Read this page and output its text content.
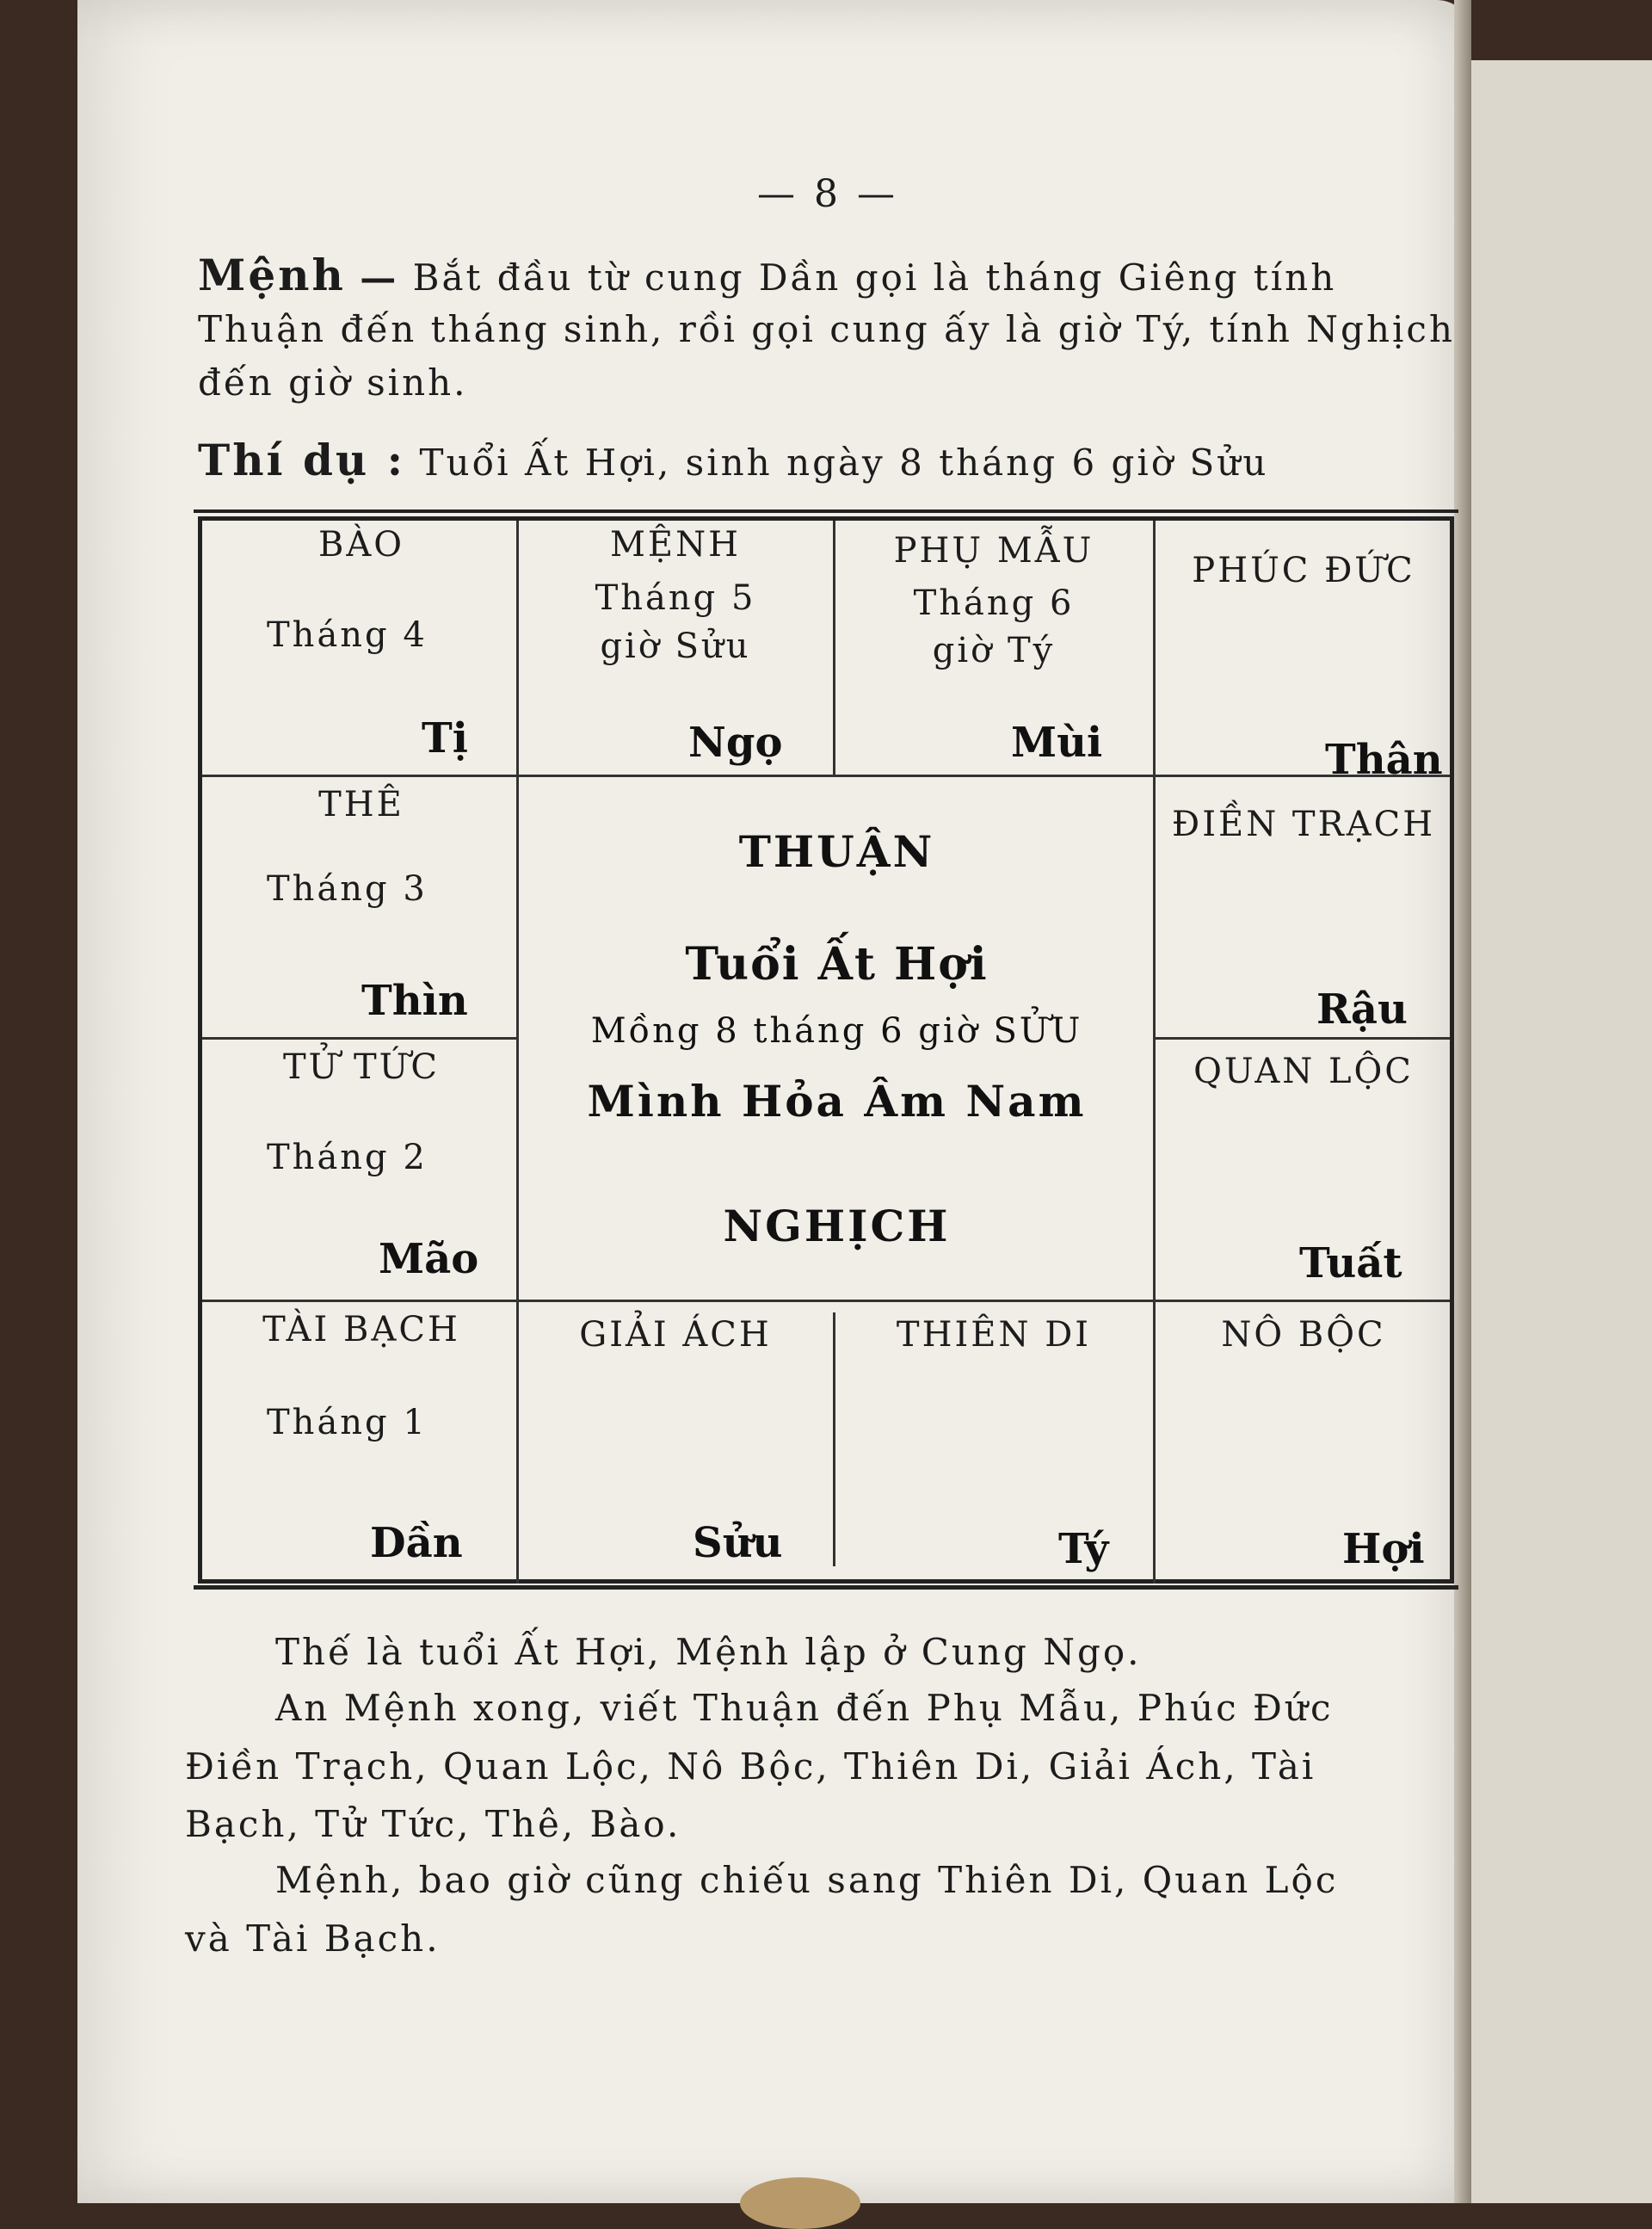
— 8 —
Mệnh — Bắt đầu từ cung Dần gọi là tháng Giêng tính
Thuận đến tháng sinh, rồi gọi cung ấy là giờ Tý, tính Nghịch
đến giờ sinh.
Thí dụ : Tuổi Ất Hợi, sinh ngày 8 tháng 6 giờ Sửu
BÀO
Tháng 4
Tị
MỆNH
Tháng 5
giờ Sửu
Ngọ
PHỤ MẪU
Tháng 6
giờ Tý
Mùi
PHÚC ĐỨC
Thân
THÊ
Tháng 3
Thìn
ĐIỀN TRẠCH
Rậu
TỬ TỨC
Tháng 2
Mão
QUAN LỘC
Tuất
THUẬN
Tuổi Ất Hợi
Mồng 8 tháng 6 giờ SỬU
Mình Hỏa Âm Nam
NGHỊCH
TÀI BẠCH
Tháng 1
Dần
GIẢI ÁCH
Sửu
THIÊN DI
Tý
NÔ BỘC
Hợi
Thế là tuổi Ất Hợi, Mệnh lập ở Cung Ngọ.
An Mệnh xong, viết Thuận đến Phụ Mẫu, Phúc Đức
Điền Trạch, Quan Lộc, Nô Bộc, Thiên Di, Giải Ách, Tài
Bạch, Tử Tức, Thê, Bào.
Mệnh, bao giờ cũng chiếu sang Thiên Di, Quan Lộc
và Tài Bạch.
